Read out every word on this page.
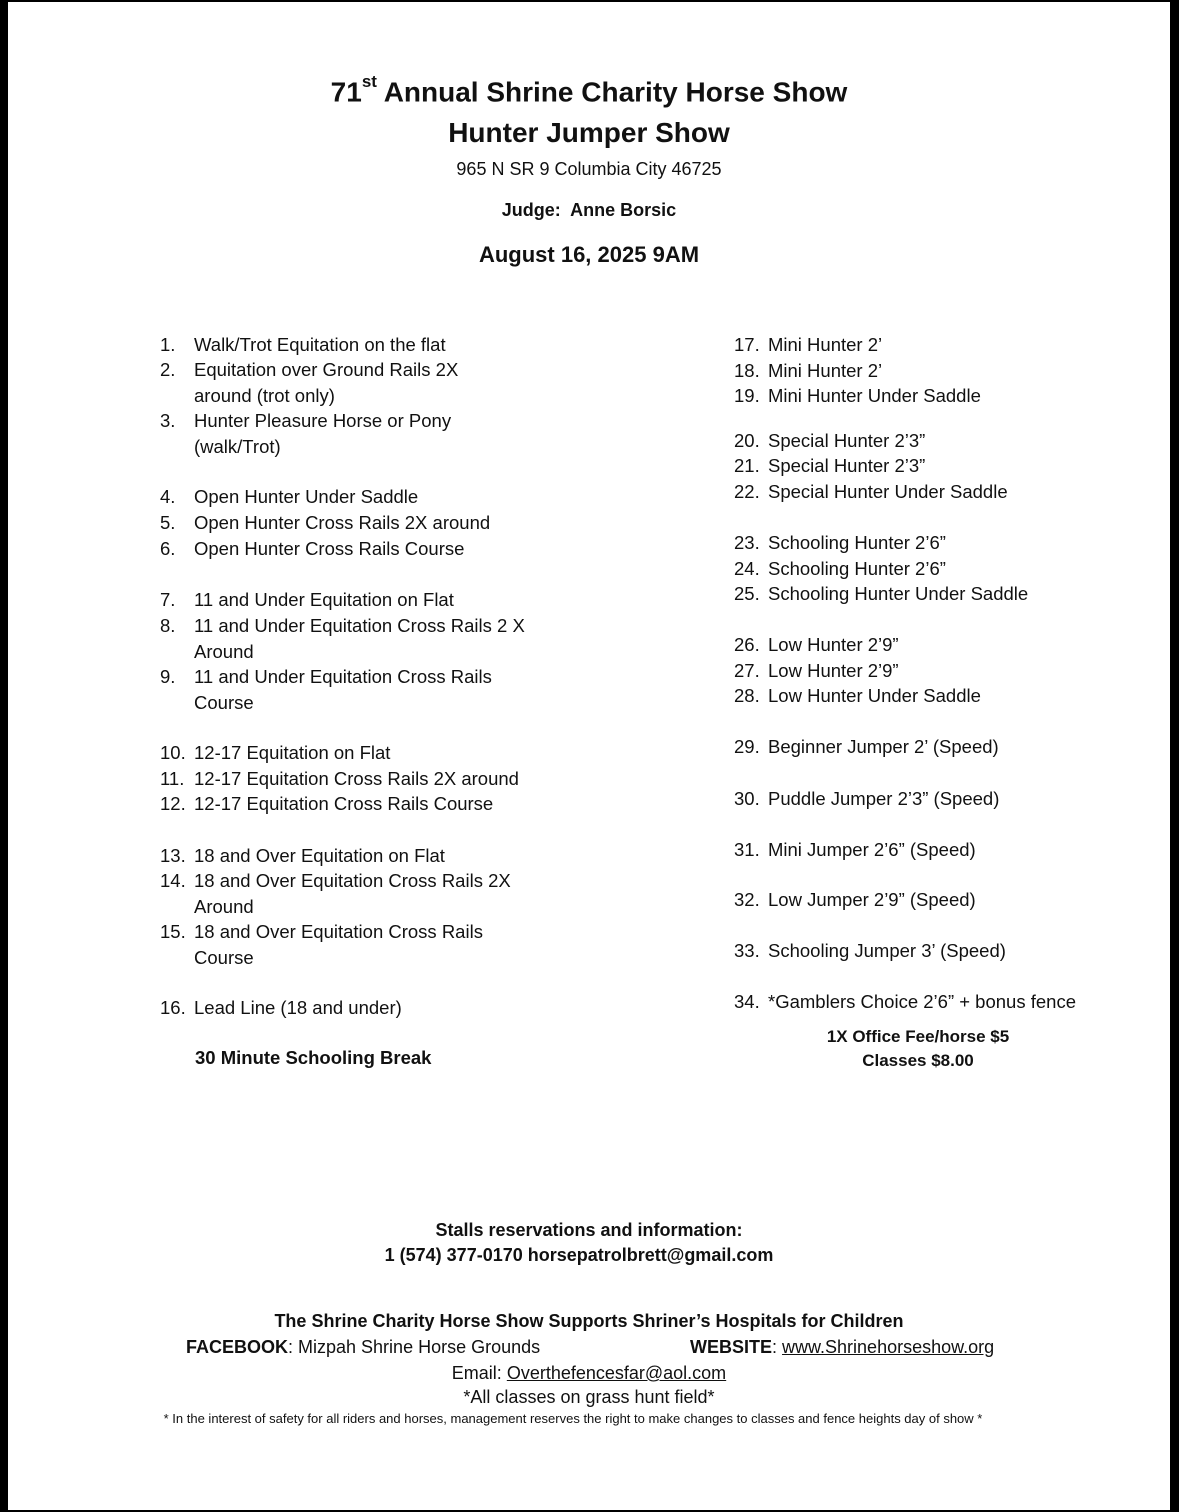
71st Annual Shrine Charity Horse Show
Hunter Jumper Show
965 N SR 9 Columbia City 46725
Judge: Anne Borsic
August 16, 2025 9AM
30 Minute Schooling Break
1X Office Fee/horse $5
Classes $8.00
Stalls reservations and information:
1 (574) 377-0170 horsepatrolbrett@gmail.com
The Shrine Charity Horse Show Supports Shriner’s Hospitals for Children
FACEBOOK: Mizpah Shrine Horse Grounds	WEBSITE: www.Shrinehorseshow.org
Email: Overthefencesfar@aol.com
*All classes on grass hunt field*
* In the interest of safety for all riders and horses, management reserves the right to make changes to classes and fence heights day of show *
1. Walk/Trot Equitation on the flat
2. Equitation over Ground Rails 2X
around (trot only)
3. Hunter Pleasure Horse or Pony
(walk/Trot)
4. Open Hunter Under Saddle
5. Open Hunter Cross Rails 2X around
6. Open Hunter Cross Rails Course
7. 11 and Under Equitation on Flat
8. 11 and Under Equitation Cross Rails 2 X
Around
9. 11 and Under Equitation Cross Rails
Course
10. 12-17 Equitation on Flat
11. 12-17 Equitation Cross Rails 2X around
12. 12-17 Equitation Cross Rails Course
13. 18 and Over Equitation on Flat
14. 18 and Over Equitation Cross Rails 2X
Around
15. 18 and Over Equitation Cross Rails
Course
16. Lead Line (18 and under)
17. Mini Hunter 2’
18. Mini Hunter 2’
19. Mini Hunter Under Saddle
20. Special Hunter 2’3”
21. Special Hunter 2’3”
22. Special Hunter Under Saddle
23. Schooling Hunter 2’6”
24. Schooling Hunter 2’6”
25. Schooling Hunter Under Saddle
26. Low Hunter 2’9”
27. Low Hunter 2’9”
28. Low Hunter Under Saddle
29. Beginner Jumper 2’ (Speed)
30. Puddle Jumper 2’3” (Speed)
31. Mini Jumper 2’6” (Speed)
32. Low Jumper 2’9” (Speed)
33. Schooling Jumper 3’ (Speed)
34. *Gamblers Choice 2’6” + bonus fence
